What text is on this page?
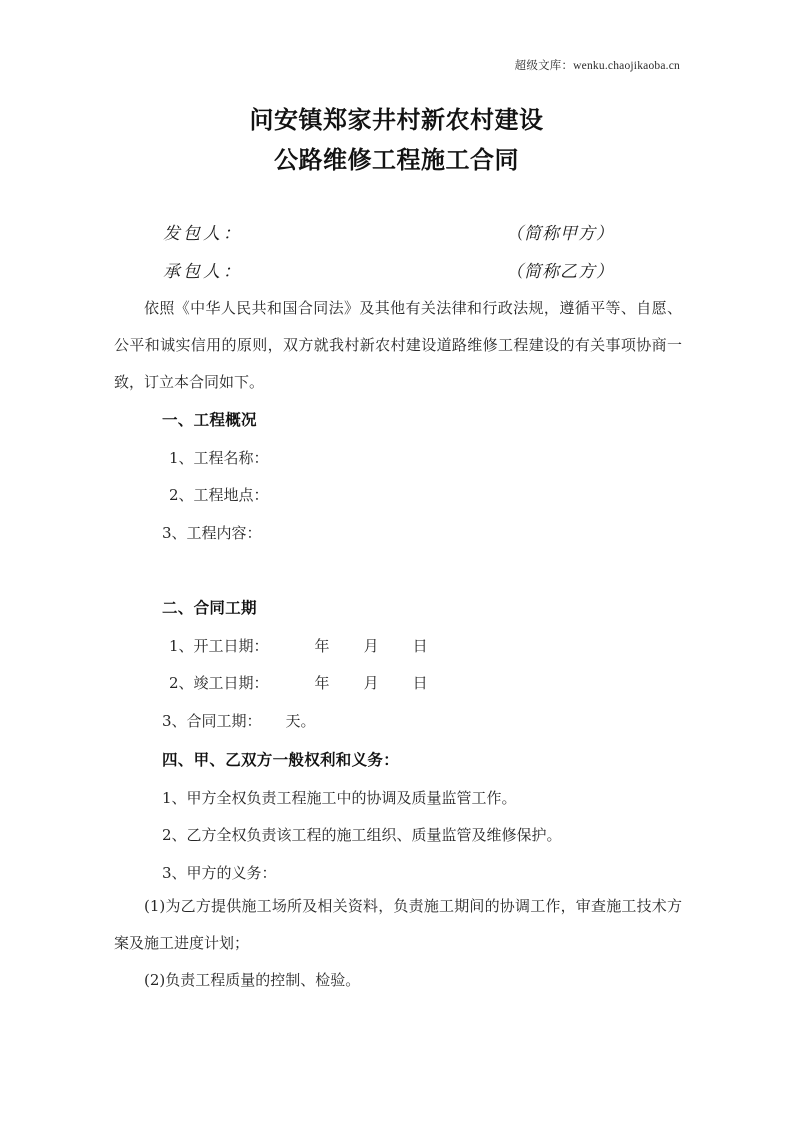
超级文库：wenku.chaojikaoba.cn
问安镇郑家井村新农村建设
公路维修工程施工合同
发包人：	（简称甲方）
承包人：	（简称乙方）
依照《中华人民共和国合同法》及其他有关法律和行政法规，遵循平等、自愿、公平和诚实信用的原则，双方就我村新农村建设道路维修工程建设的有关事项协商一致，订立本合同如下。
一、工程概况
1、工程名称：
2、工程地点：
3、工程内容：
二、合同工期
1、开工日期：	年 月 日
2、竣工日期：	年 月 日
3、合同工期： 天。
四、甲、乙双方一般权利和义务：
1、甲方全权负责工程施工中的协调及质量监管工作。
2、乙方全权负责该工程的施工组织、质量监管及维修保护。
3、甲方的义务：
(1)为乙方提供施工场所及相关资料，负责施工期间的协调工作，审查施工技术方案及施工进度计划；
(2)负责工程质量的控制、检验。
